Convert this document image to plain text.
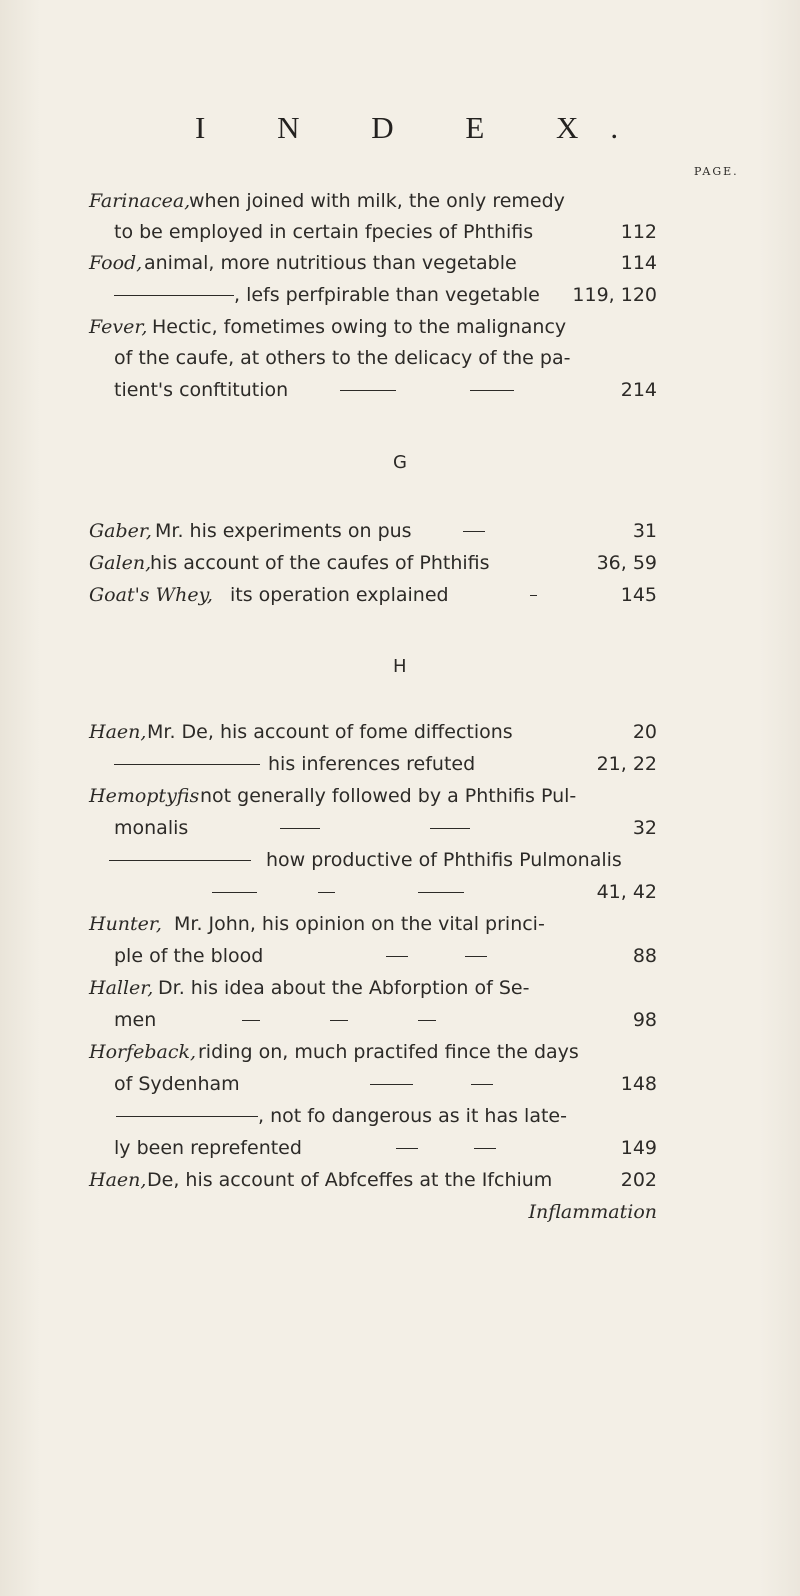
I N D E X.
PAGE.
Farinacea,
when joined with milk, the only remedy
to be employed in certain fpecies of Phthifis	112
Food, animal, more nutritious than vegetable	114
, lefs perfpirable than vegetable 119, 120
Fever, Hectic, fometimes owing to the malignancy
of the caufe, at others to the delicacy of the pa-
tient's conftitution	214
G
Gaber, Mr. his experiments on pus	31
Galen,
his account of the caufes of Phthifis	36, 59
Goat's Whey, its operation explained	145
H
Haen, Mr. De, his account of fome diffections	20
his inferences refuted	21, 22
Hemoptyfis not generally followed by a Phthifis Pul-
monalis	32
how productive of Phthifis Pulmonalis
41, 42
Hunter, Mr. John, his opinion on the vital princi-
ple of the blood	88
Haller, Dr. his idea about the Abforption of Se-
men	98
Horfeback, riding on, much practifed fince the days
of Sydenham	148
, not fo dangerous as it has late-
ly been reprefented	149
Haen, De, his account of Abfceffes at the Ifchium	202
Inflammation
